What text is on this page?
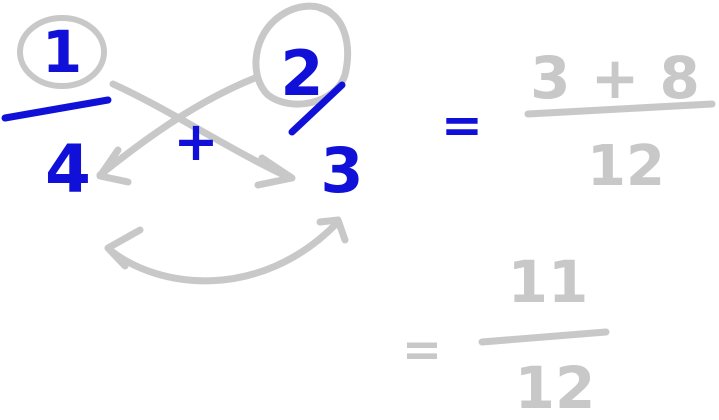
1
4 +
2
3
=
3 + 8
12
=
11
12
